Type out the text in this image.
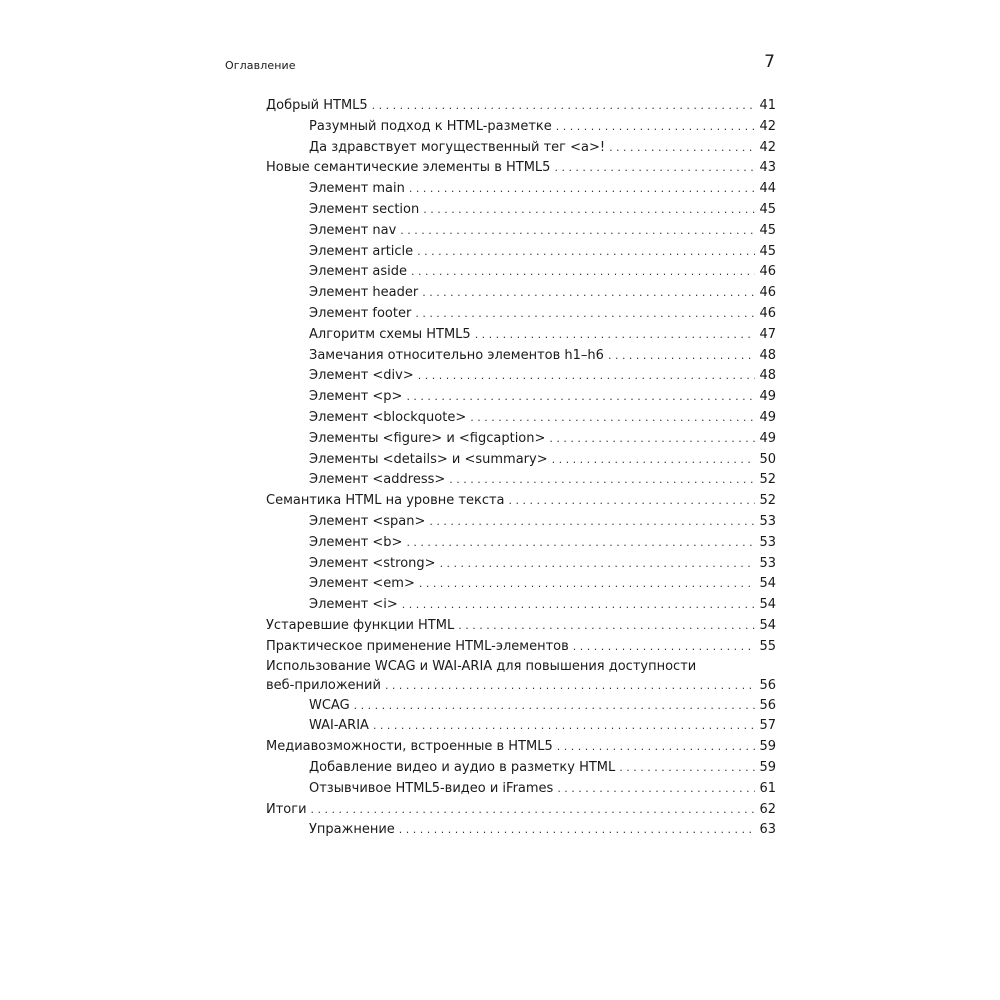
Оглавление	7
Добрый HTML5 . . .	41
Разумный подход к HTML-разметке . . .	42
Да здравствует могущественный тег <a>! . . .	42
Новые семантические элементы в HTML5 . . .	43
Элемент main . . .	44
Элемент section . . .	45
Элемент nav . . .	45
Элемент article . . .	45
Элемент aside . . .	46
Элемент header . . .	46
Элемент footer . . .	46
Алгоритм схемы HTML5 . . .	47
Замечания относительно элементов h1–h6 . . .	48
Элемент <div> . . .	48
Элемент <p> . . .	49
Элемент <blockquote> . . .	49
Элементы <figure> и <figcaption> . . .	49
Элементы <details> и <summary> . . .	50
Элемент <address> . . .	52
Семантика HTML на уровне текста . . .	52
Элемент <span> . . .	53
Элемент <b> . . .	53
Элемент <strong> . . .	53
Элемент <em> . . .	54
Элемент <i> . . .	54
Устаревшие функции HTML . . .	54
Практическое применение HTML-элементов . . .	55
Использование WCAG и WAI-ARIA для повышения доступности
веб-приложений . . .	56
WCAG . . .	56
WAI-ARIA . . .	57
Медиавозможности, встроенные в HTML5 . . .	59
Добавление видео и аудио в разметку HTML . . .	59
Отзывчивое HTML5-видео и iFrames . . .	61
Итоги . . .	62
Упражнение . . .	63
